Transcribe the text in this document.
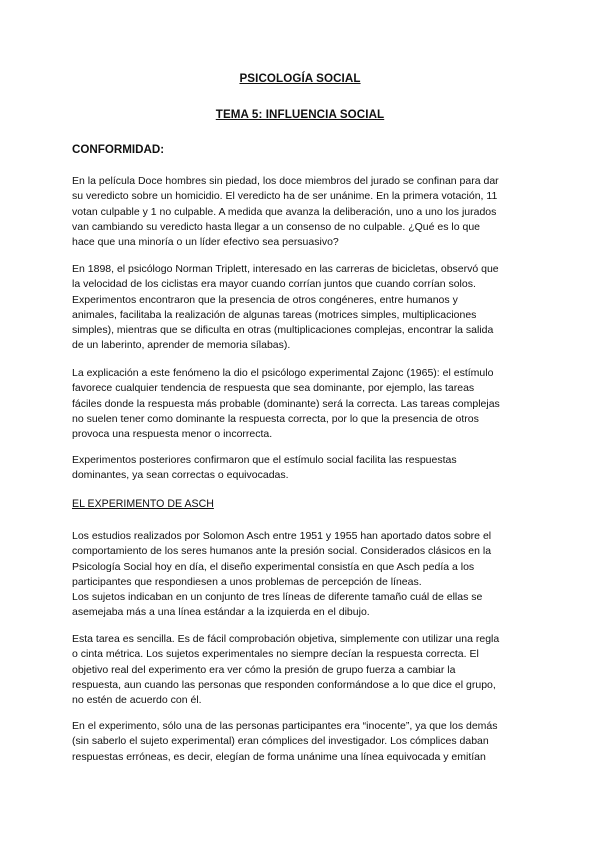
PSICOLOGÍA SOCIAL
TEMA 5: INFLUENCIA SOCIAL
CONFORMIDAD:

En la película Doce hombres sin piedad, los doce miembros del jurado se confinan para dar
su veredicto sobre un homicidio. El veredicto ha de ser unánime. En la primera votación, 11
votan culpable y 1 no culpable. A medida que avanza la deliberación, uno a uno los jurados
van cambiando su veredicto hasta llegar a un consenso de no culpable. ¿Qué es lo que
hace que una minoría o un líder efectivo sea persuasivo?

En 1898, el psicólogo Norman Triplett, interesado en las carreras de bicicletas, observó que
la velocidad de los ciclistas era mayor cuando corrían juntos que cuando corrían solos.
Experimentos encontraron que la presencia de otros congéneres, entre humanos y
animales, facilitaba la realización de algunas tareas (motrices simples, multiplicaciones
simples), mientras que se dificulta en otras (multiplicaciones complejas, encontrar la salida
de un laberinto, aprender de memoria sílabas).

La explicación a este fenómeno la dio el psicólogo experimental Zajonc (1965): el estímulo
favorece cualquier tendencia de respuesta que sea dominante, por ejemplo, las tareas
fáciles donde la respuesta más probable (dominante) será la correcta. Las tareas complejas
no suelen tener como dominante la respuesta correcta, por lo que la presencia de otros
provoca una respuesta menor o incorrecta.

Experimentos posteriores confirmaron que el estímulo social facilita las respuestas
dominantes, ya sean correctas o equivocadas.

EL EXPERIMENTO DE ASCH

Los estudios realizados por Solomon Asch entre 1951 y 1955 han aportado datos sobre el
comportamiento de los seres humanos ante la presión social. Considerados clásicos en la
Psicología Social hoy en día, el diseño experimental consistía en que Asch pedía a los
participantes que respondiesen a unos problemas de percepción de líneas.
Los sujetos indicaban en un conjunto de tres líneas de diferente tamaño cuál de ellas se
asemejaba más a una línea estándar a la izquierda en el dibujo.

Esta tarea es sencilla. Es de fácil comprobación objetiva, simplemente con utilizar una regla
o cinta métrica. Los sujetos experimentales no siempre decían la respuesta correcta. El
objetivo real del experimento era ver cómo la presión de grupo fuerza a cambiar la
respuesta, aun cuando las personas que responden conformándose a lo que dice el grupo,
no estén de acuerdo con él.

En el experimento, sólo una de las personas participantes era “inocente”, ya que los demás
(sin saberlo el sujeto experimental) eran cómplices del investigador. Los cómplices daban
respuestas erróneas, es decir, elegían de forma unánime una línea equivocada y emitían
